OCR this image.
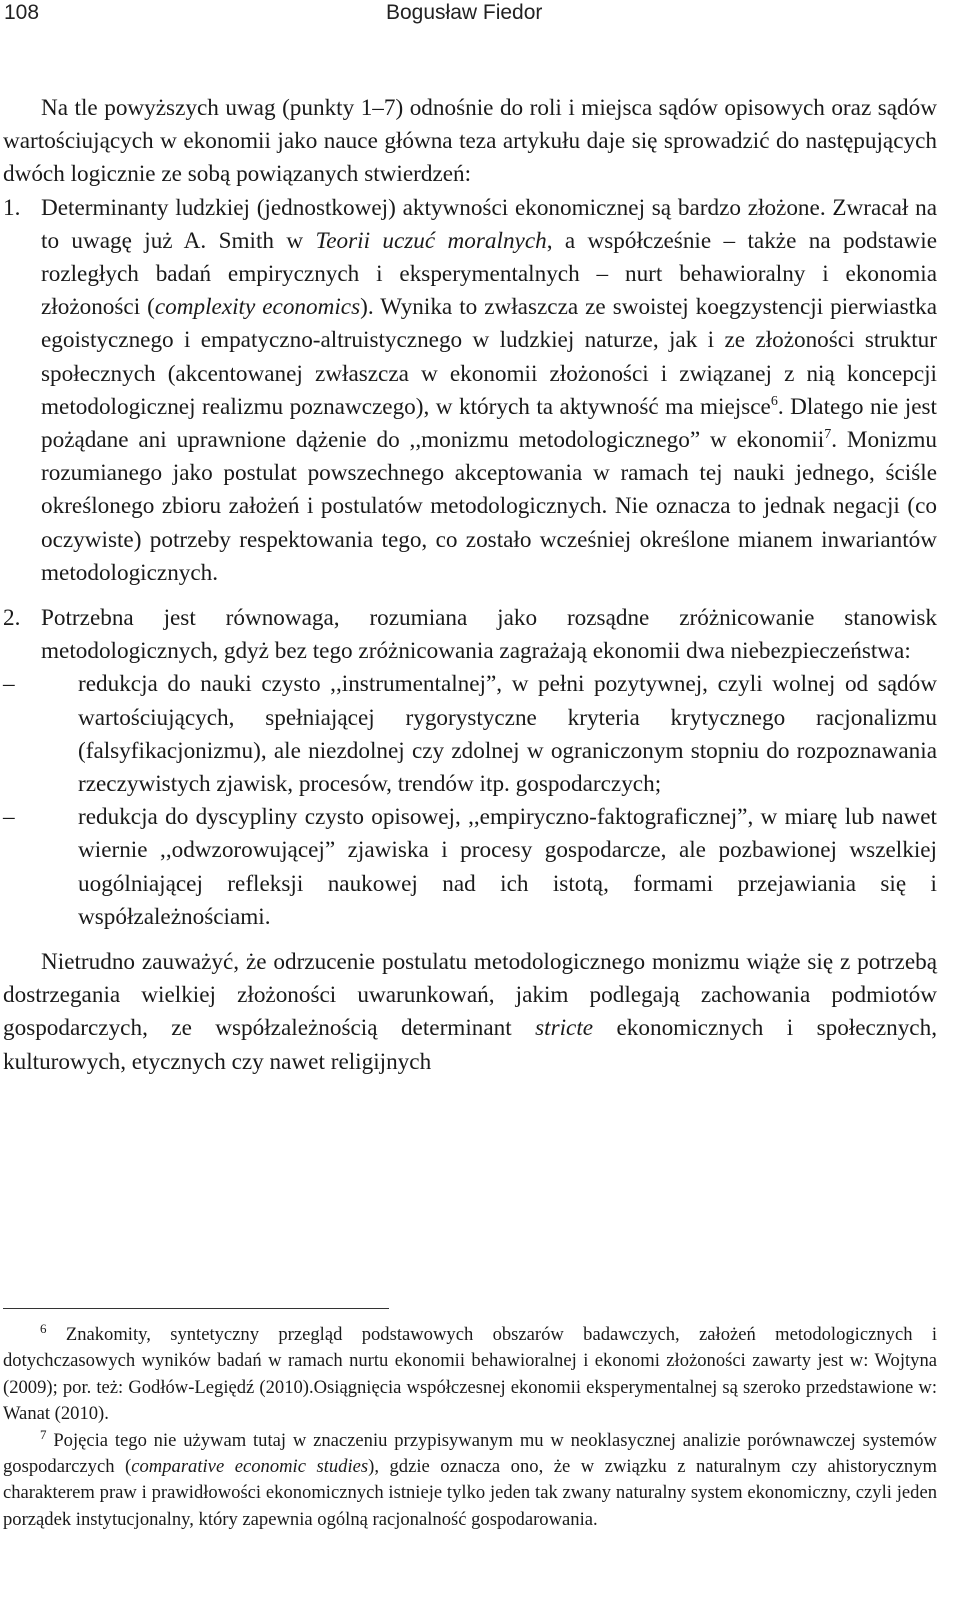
108	Bogusław Fiedor

Na tle powyższych uwag (punkty 1–7) odnośnie do roli i miejsca sądów opisowych oraz sądów wartościujących w ekonomii jako nauce główna teza artykułu daje się sprowadzić do następujących dwóch logicznie ze sobą powiązanych stwierdzeń:

1. Determinanty ludzkiej (jednostkowej) aktywności ekonomicznej są bardzo złożone. Zwracał na to uwagę już A. Smith w Teorii uczuć moralnych, a współcześnie – także na podstawie rozległych badań empirycznych i eksperymentalnych – nurt behawioralny i ekonomia złożoności (complexity economics). Wynika to zwłaszcza ze swoistej koegzystencji pierwiastka egoistycznego i empatyczno-altruistycznego w ludzkiej naturze, jak i ze złożoności struktur społecznych (akcentowanej zwłaszcza w ekonomii złożoności i związanej z nią koncepcji metodologicznej realizmu poznawczego), w których ta aktywność ma miejsce$^6$. Dlatego nie jest pożądane ani uprawnione dążenie do ,,monizmu metodologicznego” w ekonomii$^7$. Monizmu rozumianego jako postulat powszechnego akceptowania w ramach tej nauki jednego, ściśle określonego zbioru założeń i postulatów metodologicznych. Nie oznacza to jednak negacji (co oczywiste) potrzeby respektowania tego, co zostało wcześniej określone mianem inwariantów metodologicznych.

2. Potrzebna jest równowaga, rozumiana jako rozsądne zróżnicowanie stanowisk metodologicznych, gdyż bez tego zróżnicowania zagrażają ekonomii dwa niebezpieczeństwa:

–	redukcja do nauki czysto ,,instrumentalnej”, w pełni pozytywnej, czyli wolnej od sądów wartościujących, spełniającej rygorystyczne kryteria krytycznego racjonalizmu (falsyfikacjonizmu), ale niezdolnej czy zdolnej w ograniczonym stopniu do rozpoznawania rzeczywistych zjawisk, procesów, trendów itp. gospodarczych;
–	redukcja do dyscypliny czysto opisowej, ,,empiryczno-faktograficznej”, w miarę lub nawet wiernie ,,odwzorowującej” zjawiska i procesy gospodarcze, ale pozbawionej wszelkiej uogólniającej refleksji naukowej nad ich istotą, formami przejawiania się i współzależnościami.

Nietrudno zauważyć, że odrzucenie postulatu metodologicznego monizmu wiąże się z potrzebą dostrzegania wielkiej złożoności uwarunkowań, jakim podlegają zachowania podmiotów gospodarczych, ze współzależnością determinant stricte ekonomicznych i społecznych, kulturowych, etycznych czy nawet religijnych

$^6$ Znakomity, syntetyczny przegląd podstawowych obszarów badawczych, założeń metodologicznych i dotychczasowych wyników badań w ramach nurtu ekonomii behawioralnej i ekonomi złożoności zawarty jest w: Wojtyna (2009); por. też: Godłów-Legiędź (2010).Osiągnięcia współczesnej ekonomii eksperymentalnej są szeroko przedstawione w: Wanat (2010).

$^7$ Pojęcia tego nie używam tutaj w znaczeniu przypisywanym mu w neoklasycznej analizie porównawczej systemów gospodarczych (comparative economic studies), gdzie oznacza ono, że w związku z naturalnym czy ahistorycznym charakterem praw i prawidłowości ekonomicznych istnieje tylko jeden tak zwany naturalny system ekonomiczny, czyli jeden porządek instytucjonalny, który zapewnia ogólną racjonalność gospodarowania.
